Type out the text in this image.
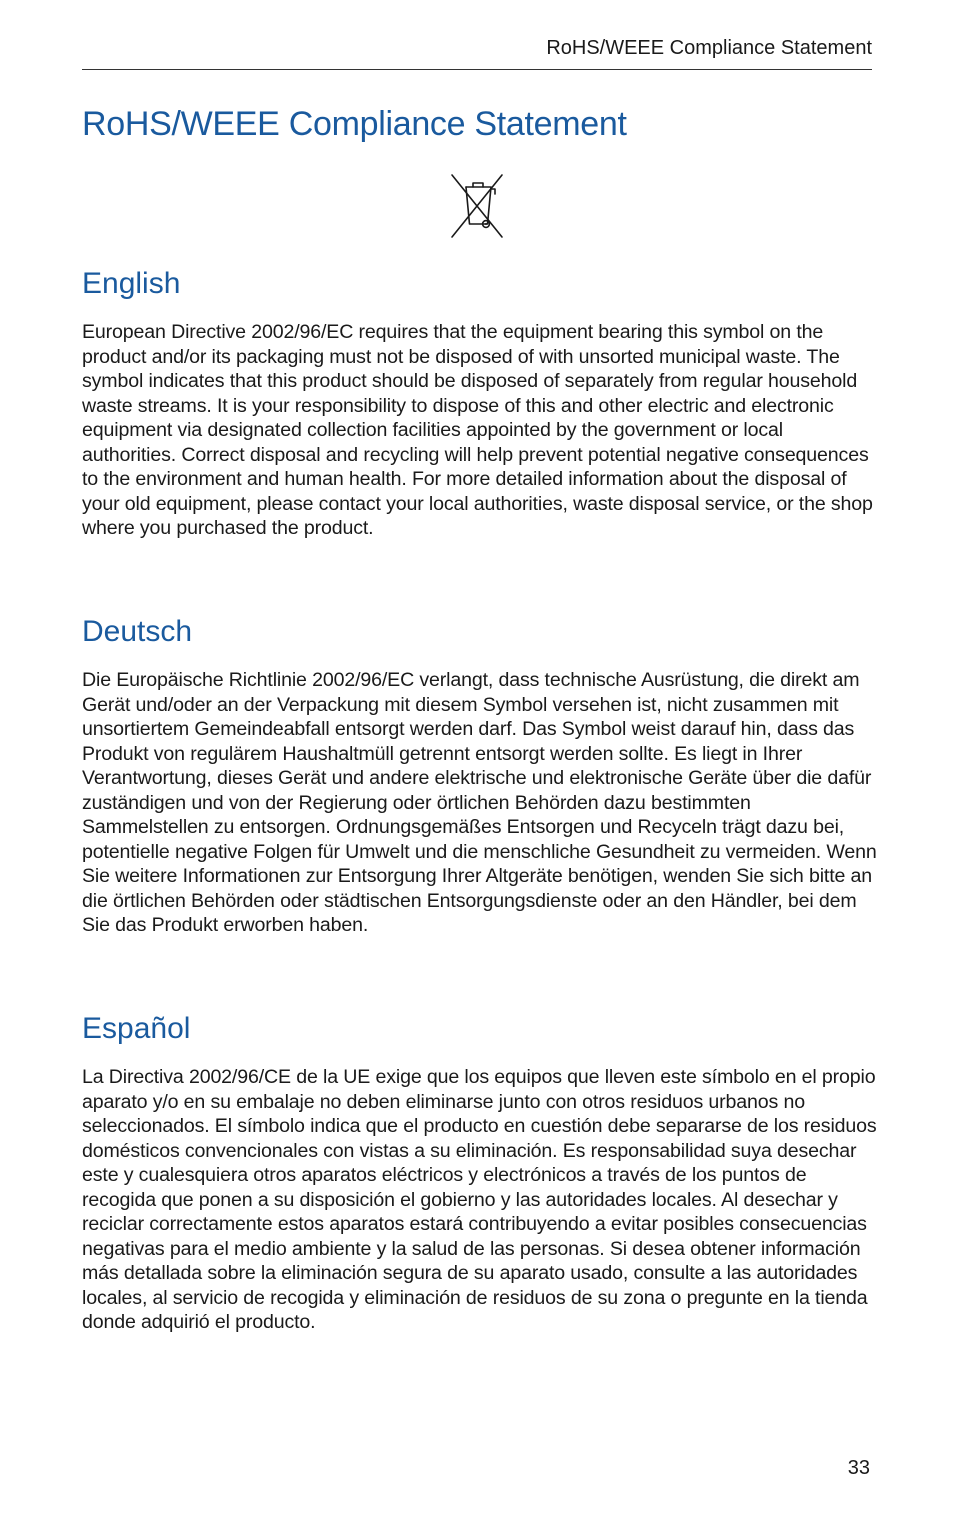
RoHS/WEEE Compliance Statement
RoHS/WEEE Compliance Statement
English

European Directive 2002/96/EC requires that the equipment bearing this symbol on the product and/or its packaging must not be disposed of with unsorted municipal waste. The symbol indicates that this product should be disposed of separately from regular household waste streams. It is your responsibility to dispose of this and other electric and electronic equipment via designated collection facilities appointed by the government or local authorities. Correct disposal and recycling will help prevent potential negative consequences to the environment and human health. For more detailed information about the disposal of your old equipment, please contact your local authorities, waste disposal service, or the shop where you purchased the product.

Deutsch

Die Europäische Richtlinie 2002/96/EC verlangt, dass technische Ausrüstung, die direkt am Gerät und/oder an der Verpackung mit diesem Symbol versehen ist, nicht zusammen mit unsortiertem Gemeindeabfall entsorgt werden darf. Das Symbol weist darauf hin, dass das Produkt von regulärem Haushaltmüll getrennt entsorgt werden sollte. Es liegt in Ihrer Verantwortung, dieses Gerät und andere elektrische und elektronische Geräte über die dafür zuständigen und von der Regierung oder örtlichen Behörden dazu bestimmten Sammelstellen zu entsorgen. Ordnungsgemäßes Entsorgen und Recyceln trägt dazu bei, potentielle negative Folgen für Umwelt und die menschliche Gesundheit zu vermeiden. Wenn Sie weitere Informationen zur Entsorgung Ihrer Altgeräte benötigen, wenden Sie sich bitte an die örtlichen Behörden oder städtischen Entsorgungsdienste oder an den Händler, bei dem Sie das Produkt erworben haben.

Español

La Directiva 2002/96/CE de la UE exige que los equipos que lleven este símbolo en el propio aparato y/o en su embalaje no deben eliminarse junto con otros residuos urbanos no seleccionados. El símbolo indica que el producto en cuestión debe separarse de los residuos domésticos convencionales con vistas a su eliminación. Es responsabilidad suya desechar este y cualesquiera otros aparatos eléctricos y electrónicos a través de los puntos de recogida que ponen a su disposición el gobierno y las autoridades locales. Al desechar y reciclar correctamente estos aparatos estará contribuyendo a evitar posibles consecuencias negativas para el medio ambiente y la salud de las personas. Si desea obtener información más detallada sobre la eliminación segura de su aparato usado, consulte a las autoridades locales, al servicio de recogida y eliminación de residuos de su zona o pregunte en la tienda donde adquirió el producto.

33
